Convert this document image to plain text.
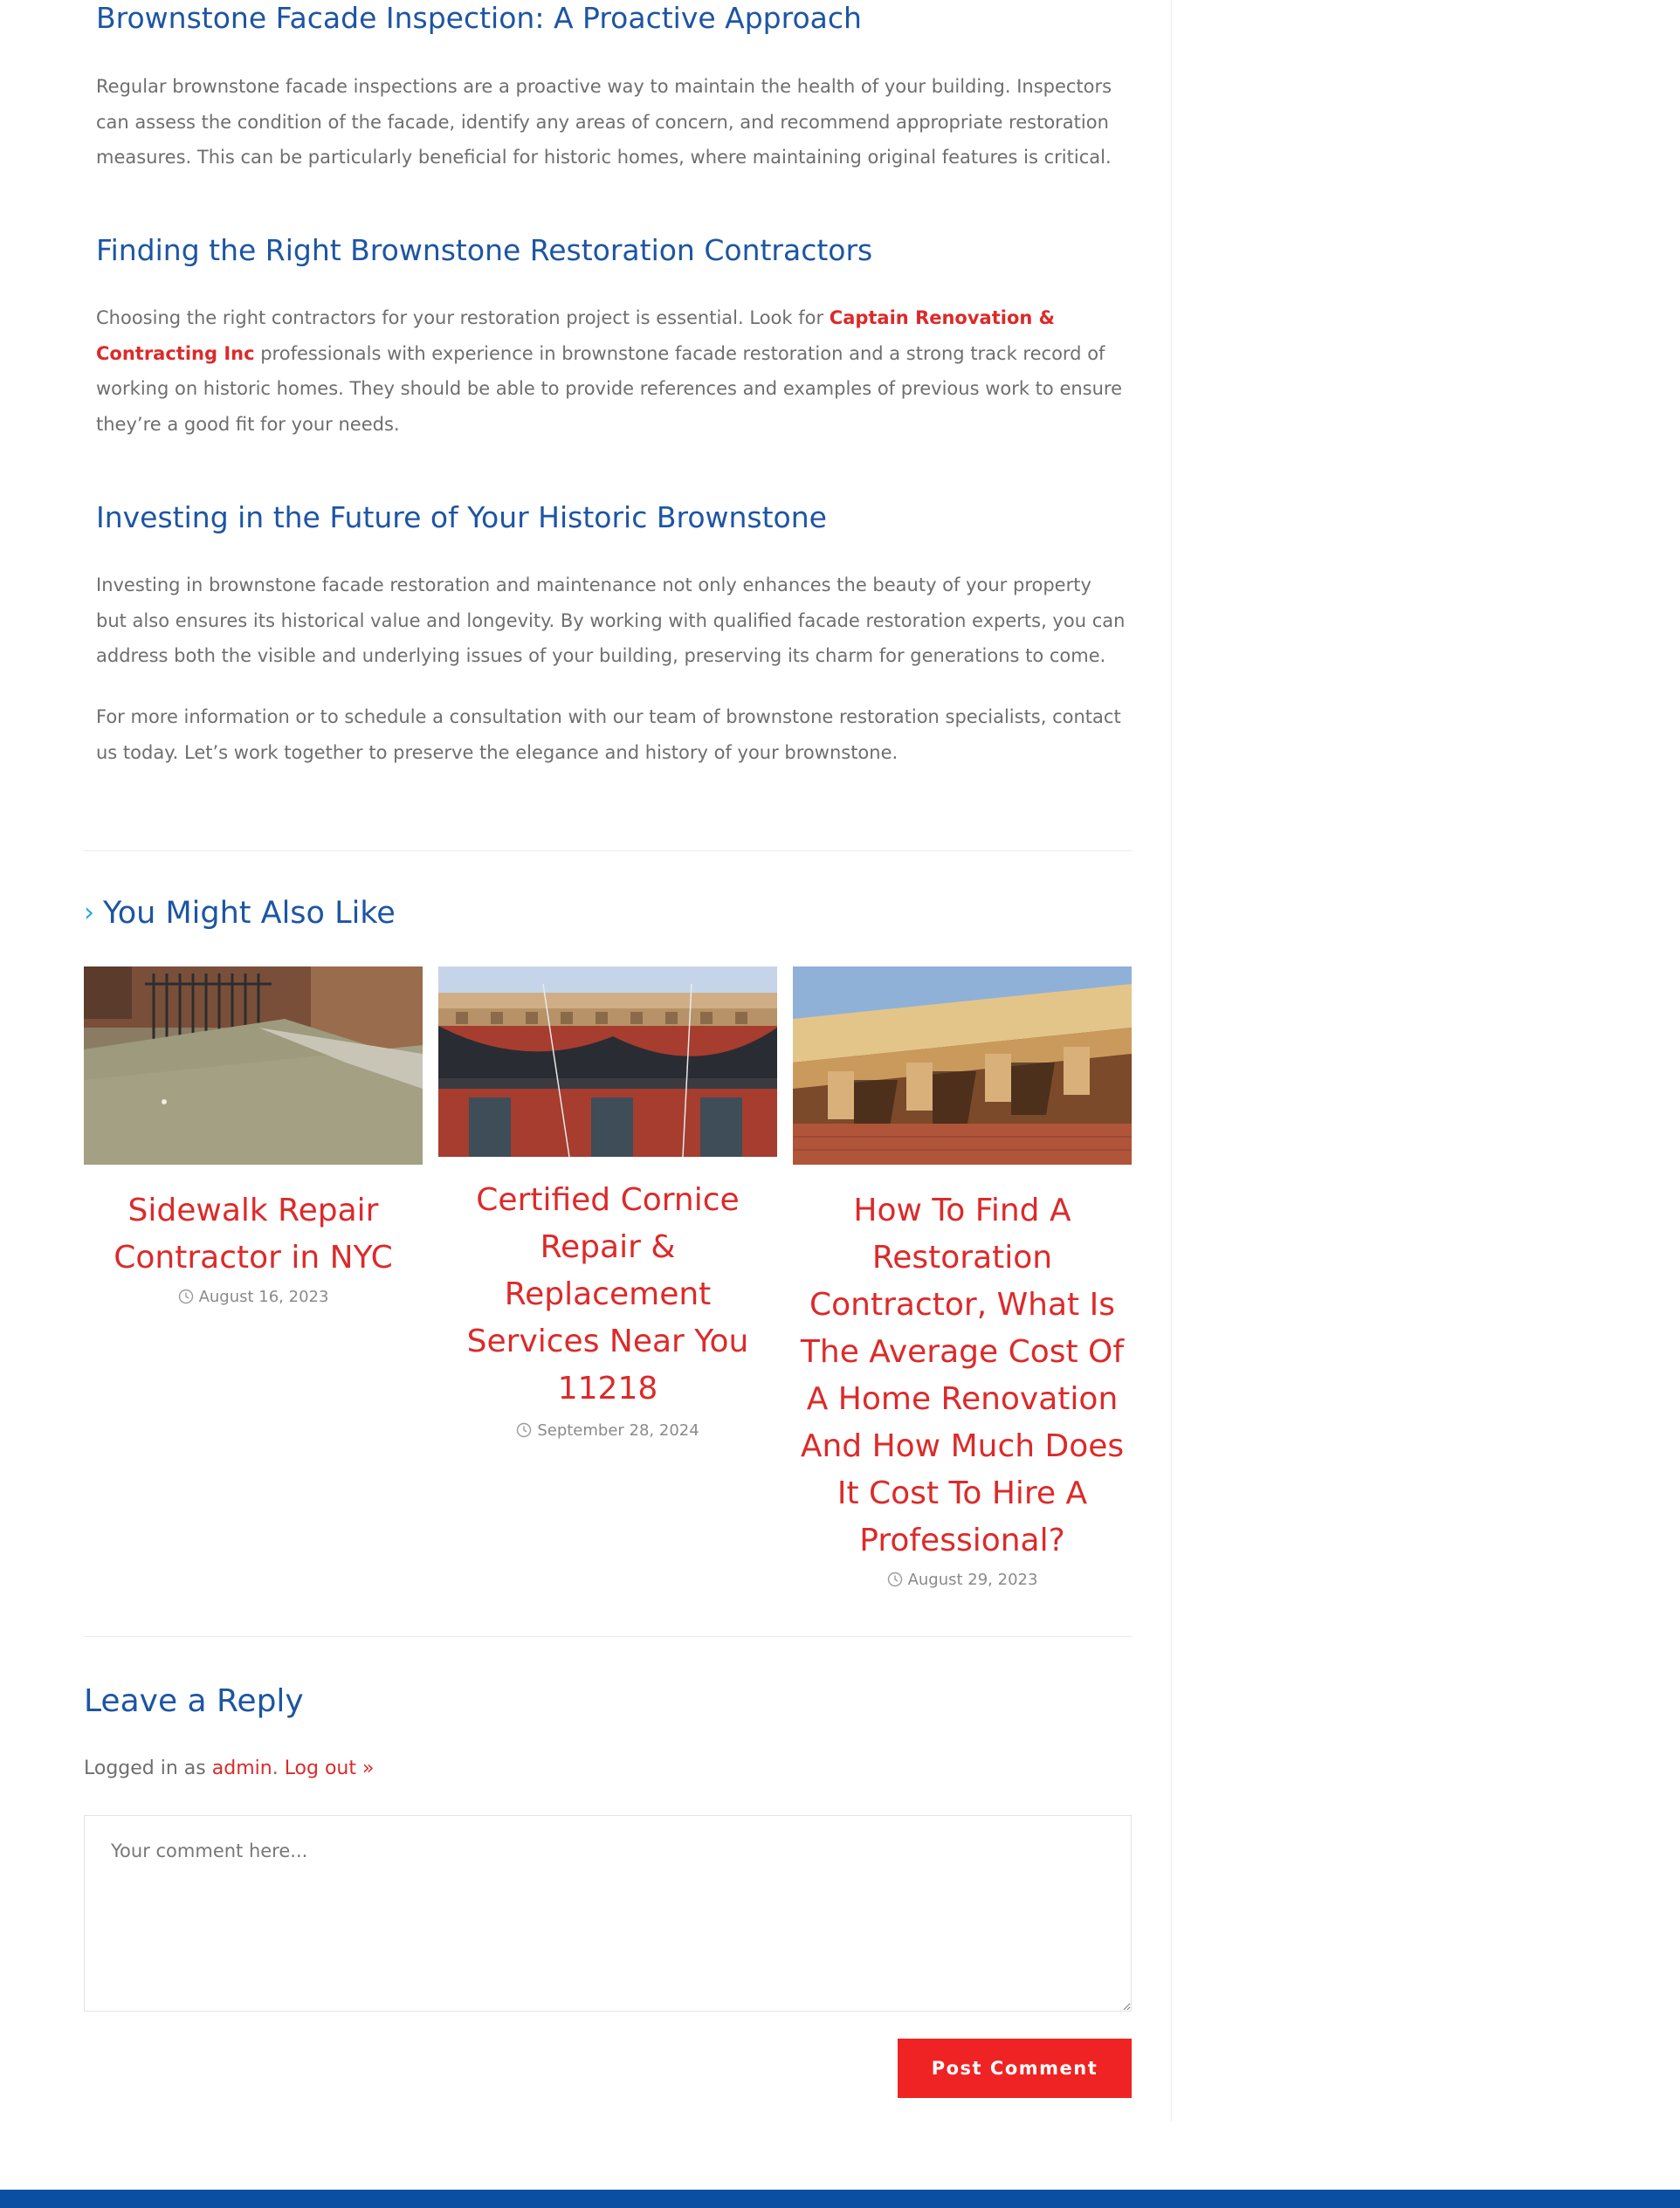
Brownstone Facade Inspection: A Proactive Approach

Regular brownstone facade inspections are a proactive way to maintain the health of your building. Inspectors can assess the condition of the facade, identify any areas of concern, and recommend appropriate restoration measures. This can be particularly beneficial for historic homes, where maintaining original features is critical.

Finding the Right Brownstone Restoration Contractors

Choosing the right contractors for your restoration project is essential. Look for Captain Renovation & Contracting Inc professionals with experience in brownstone facade restoration and a strong track record of working on historic homes. They should be able to provide references and examples of previous work to ensure they’re a good fit for your needs.

Investing in the Future of Your Historic Brownstone

Investing in brownstone facade restoration and maintenance not only enhances the beauty of your property but also ensures its historical value and longevity. By working with qualified facade restoration experts, you can address both the visible and underlying issues of your building, preserving its charm for generations to come.

For more information or to schedule a consultation with our team of brownstone restoration specialists, contact us today. Let’s work together to preserve the elegance and history of your brownstone.

› You Might Also Like
Sidewalk Repair Contractor in NYC
August 16, 2023
Certified Cornice Repair & Replacement Services Near You 11218
September 28, 2024
How To Find A Restoration Contractor, What Is The Average Cost Of A Home Renovation And How Much Does It Cost To Hire A Professional?
August 29, 2023
Leave a Reply

Logged in as admin. Log out »

Your comment here...
Post Comment
